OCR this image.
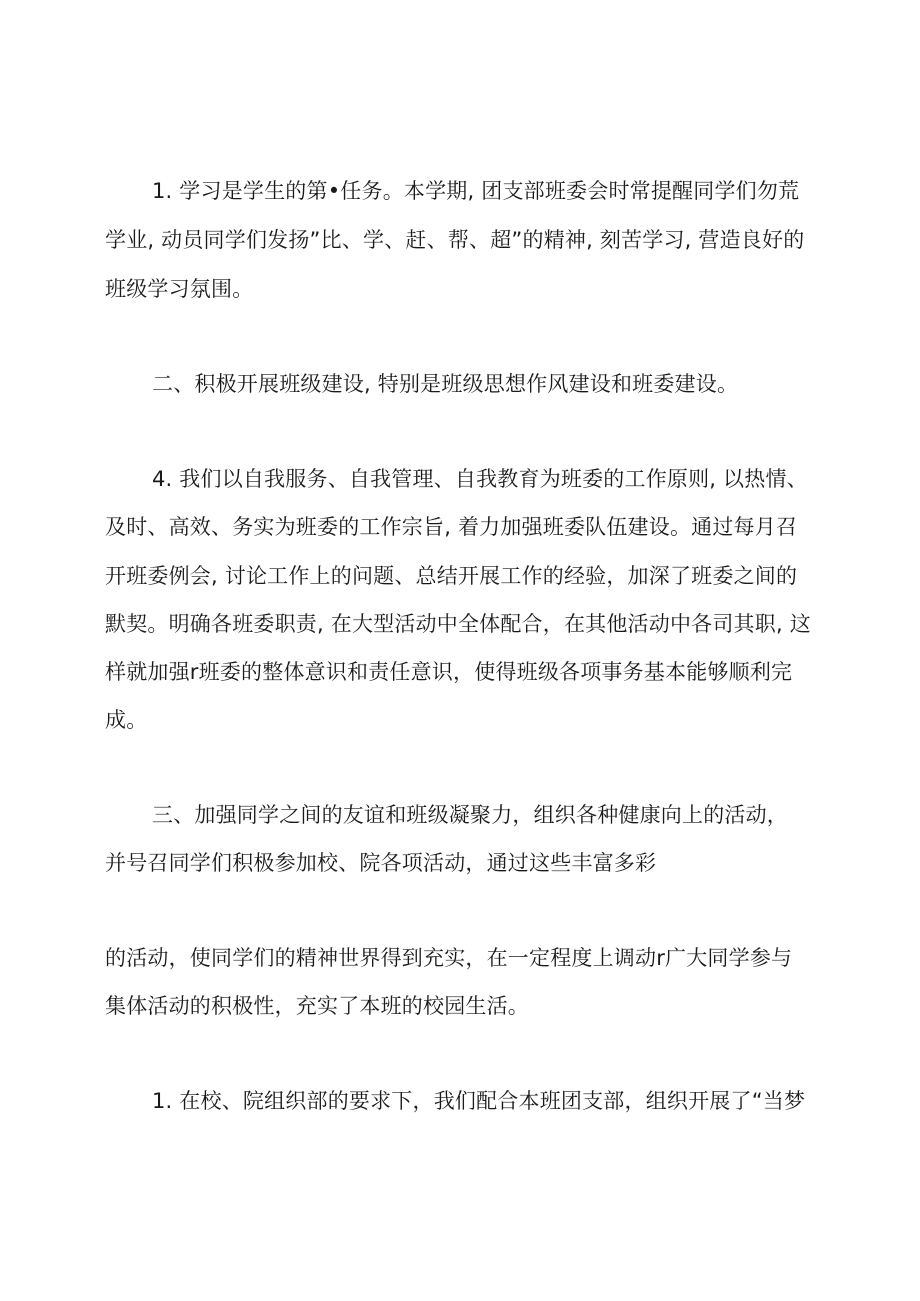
1. 学习是学生的第•任务。本学期, 团支部班委会时常提醒同学们勿荒

学业, 动员同学们发扬”比、学、赶、帮、超”的精神, 刻苦学习, 营造良好的

班级学习氛围。

二、积极开展班级建设, 特别是班级思想作风建设和班委建设。

4. 我们以自我服务、自我管理、自我教育为班委的工作原则, 以热情、

及时、高效、务实为班委的工作宗旨, 着力加强班委队伍建设。通过每月召

开班委例会, 讨论工作上的问题、总结开展工作的经验，加深了班委之间的

默契。明确各班委职责, 在大型活动中全体配合，在其他活动中各司其职, 这

样就加强r班委的整体意识和责任意识，使得班级各项事务基本能够顺利完

成。

三、加强同学之间的友谊和班级凝聚力，组织各种健康向上的活动，

并号召同学们积极参加校、院各项活动，通过这些丰富多彩

的活动，使同学们的精神世界得到充实，在一定程度上调动r广大同学参与

集体活动的积极性，充实了本班的校园生活。

1. 在校、院组织部的要求下，我们配合本班团支部，组织开展了“当梦
